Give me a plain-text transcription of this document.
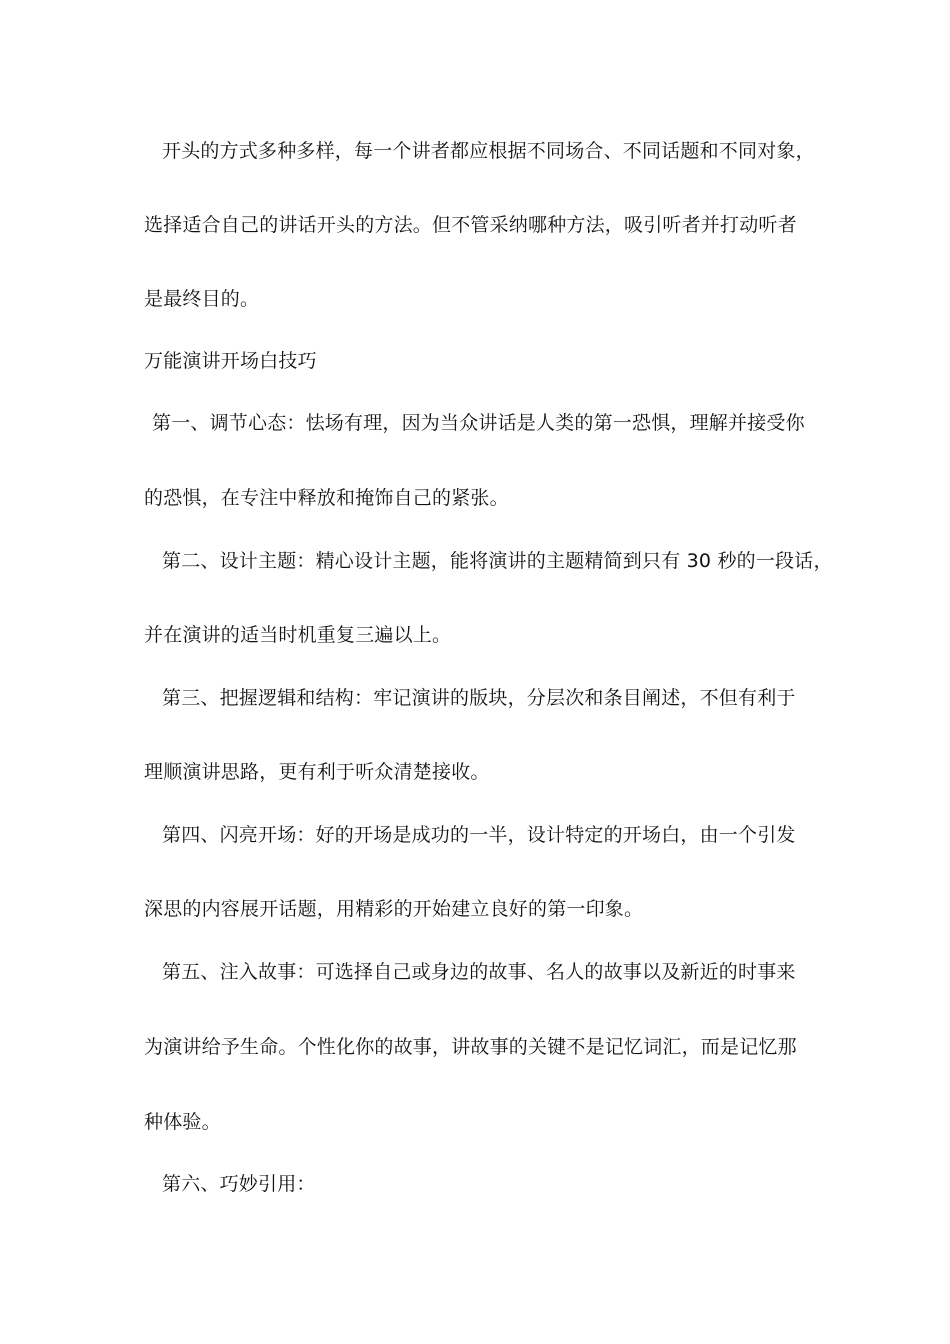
开头的方式多种多样，每一个讲者都应根据不同场合、不同话题和不同对象，
选择适合自己的讲话开头的方法。但不管采纳哪种方法，吸引听者并打动听者
是最终目的。
万能演讲开场白技巧
第一、调节心态：怯场有理，因为当众讲话是人类的第一恐惧，理解并接受你
的恐惧，在专注中释放和掩饰自己的紧张。
第二、设计主题：精心设计主题，能将演讲的主题精简到只有 30 秒的一段话，
并在演讲的适当时机重复三遍以上。
第三、把握逻辑和结构：牢记演讲的版块，分层次和条目阐述，不但有利于
理顺演讲思路，更有利于听众清楚接收。
第四、闪亮开场：好的开场是成功的一半，设计特定的开场白，由一个引发
深思的内容展开话题，用精彩的开始建立良好的第一印象。
第五、注入故事：可选择自己或身边的故事、名人的故事以及新近的时事来
为演讲给予生命。个性化你的故事，讲故事的关键不是记忆词汇，而是记忆那
种体验。
第六、巧妙引用：
